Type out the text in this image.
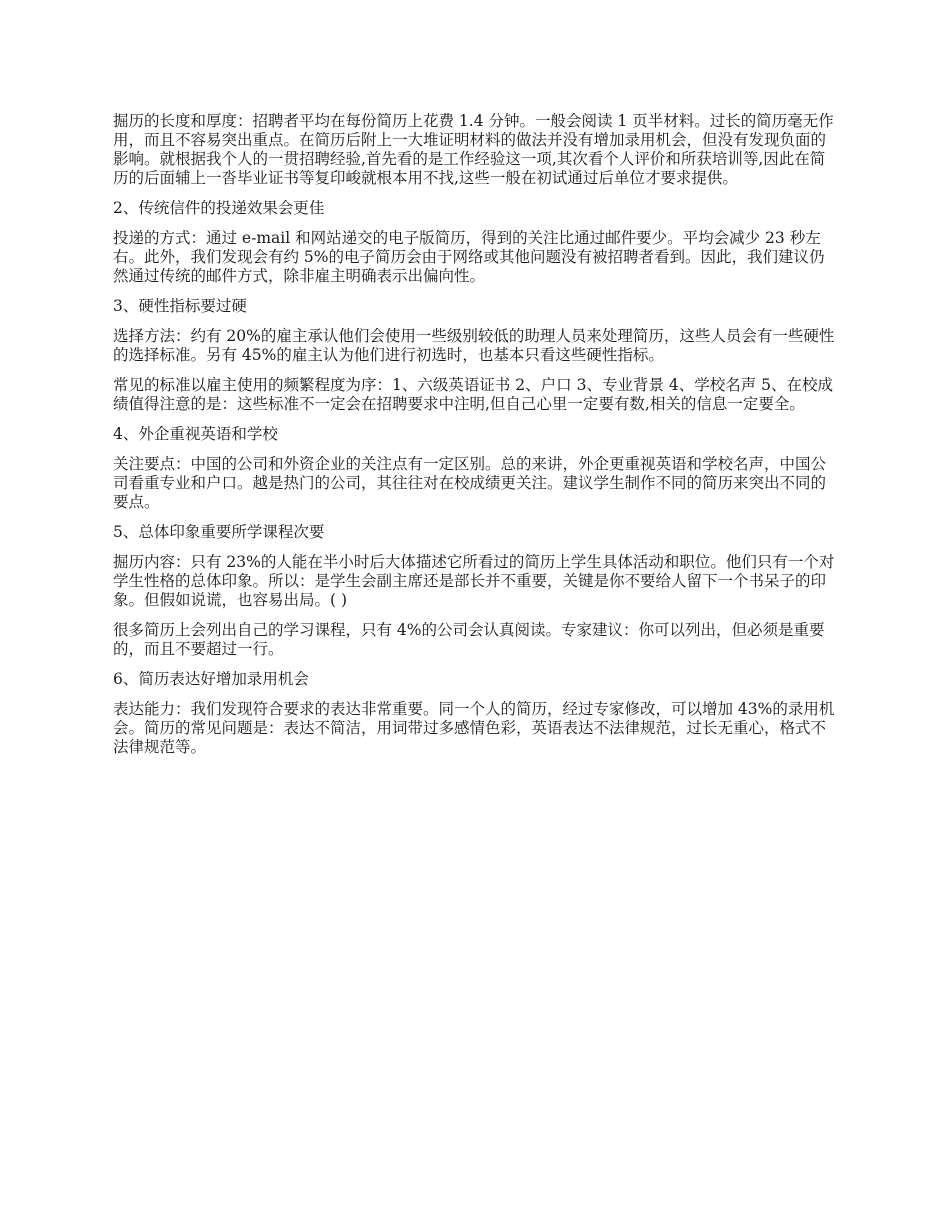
掘历的长度和厚度：招聘者平均在每份简历上花费 1.4 分钟。一般会阅读 1 页半材料。过长的简历毫无作用，而且不容易突出重点。在简历后附上一大堆证明材料的做法并没有增加录用机会，但没有发现负面的影响。就根据我个人的一贯招聘经验,首先看的是工作经验这一项,其次看个人评价和所获培训等,因此在简历的后面辅上一沓毕业证书等复印峻就根本用不找,这些一般在初试通过后单位才要求提供。

2、传统信件的投递效果会更佳

投递的方式：通过 e-mail 和网站递交的电子版简历，得到的关注比通过邮件要少。平均会减少 23 秒左右。此外，我们发现会有约 5%的电子简历会由于网络或其他问题没有被招聘者看到。因此，我们建议仍然通过传统的邮件方式，除非雇主明确表示出偏向性。

3、硬性指标要过硬

选择方法：约有 20%的雇主承认他们会使用一些级别较低的助理人员来处理简历，这些人员会有一些硬性的选择标准。另有 45%的雇主认为他们进行初选时，也基本只看这些硬性指标。

常见的标准以雇主使用的频繁程度为序：1、六级英语证书 2、户口 3、专业背景 4、学校名声 5、在校成绩值得注意的是：这些标准不一定会在招聘要求中注明,但自己心里一定要有数,相关的信息一定要全。

4、外企重视英语和学校

关注要点：中国的公司和外资企业的关注点有一定区别。总的来讲，外企更重视英语和学校名声，中国公司看重专业和户口。越是热门的公司，其往往对在校成绩更关注。建议学生制作不同的简历来突出不同的要点。

5、总体印象重要所学课程次要

掘历内容：只有 23%的人能在半小时后大体描述它所看过的简历上学生具体活动和职位。他们只有一个对学生性格的总体印象。所以：是学生会副主席还是部长并不重要，关键是你不要给人留下一个书呆子的印象。但假如说谎，也容易出局。( )

很多简历上会列出自己的学习课程，只有 4%的公司会认真阅读。专家建议：你可以列出，但必须是重要的，而且不要超过一行。

6、简历表达好增加录用机会

表达能力：我们发现符合要求的表达非常重要。同一个人的简历，经过专家修改，可以增加 43%的录用机会。简历的常见问题是：表达不简洁，用词带过多感情色彩，英语表达不法律规范，过长无重心，格式不法律规范等。
